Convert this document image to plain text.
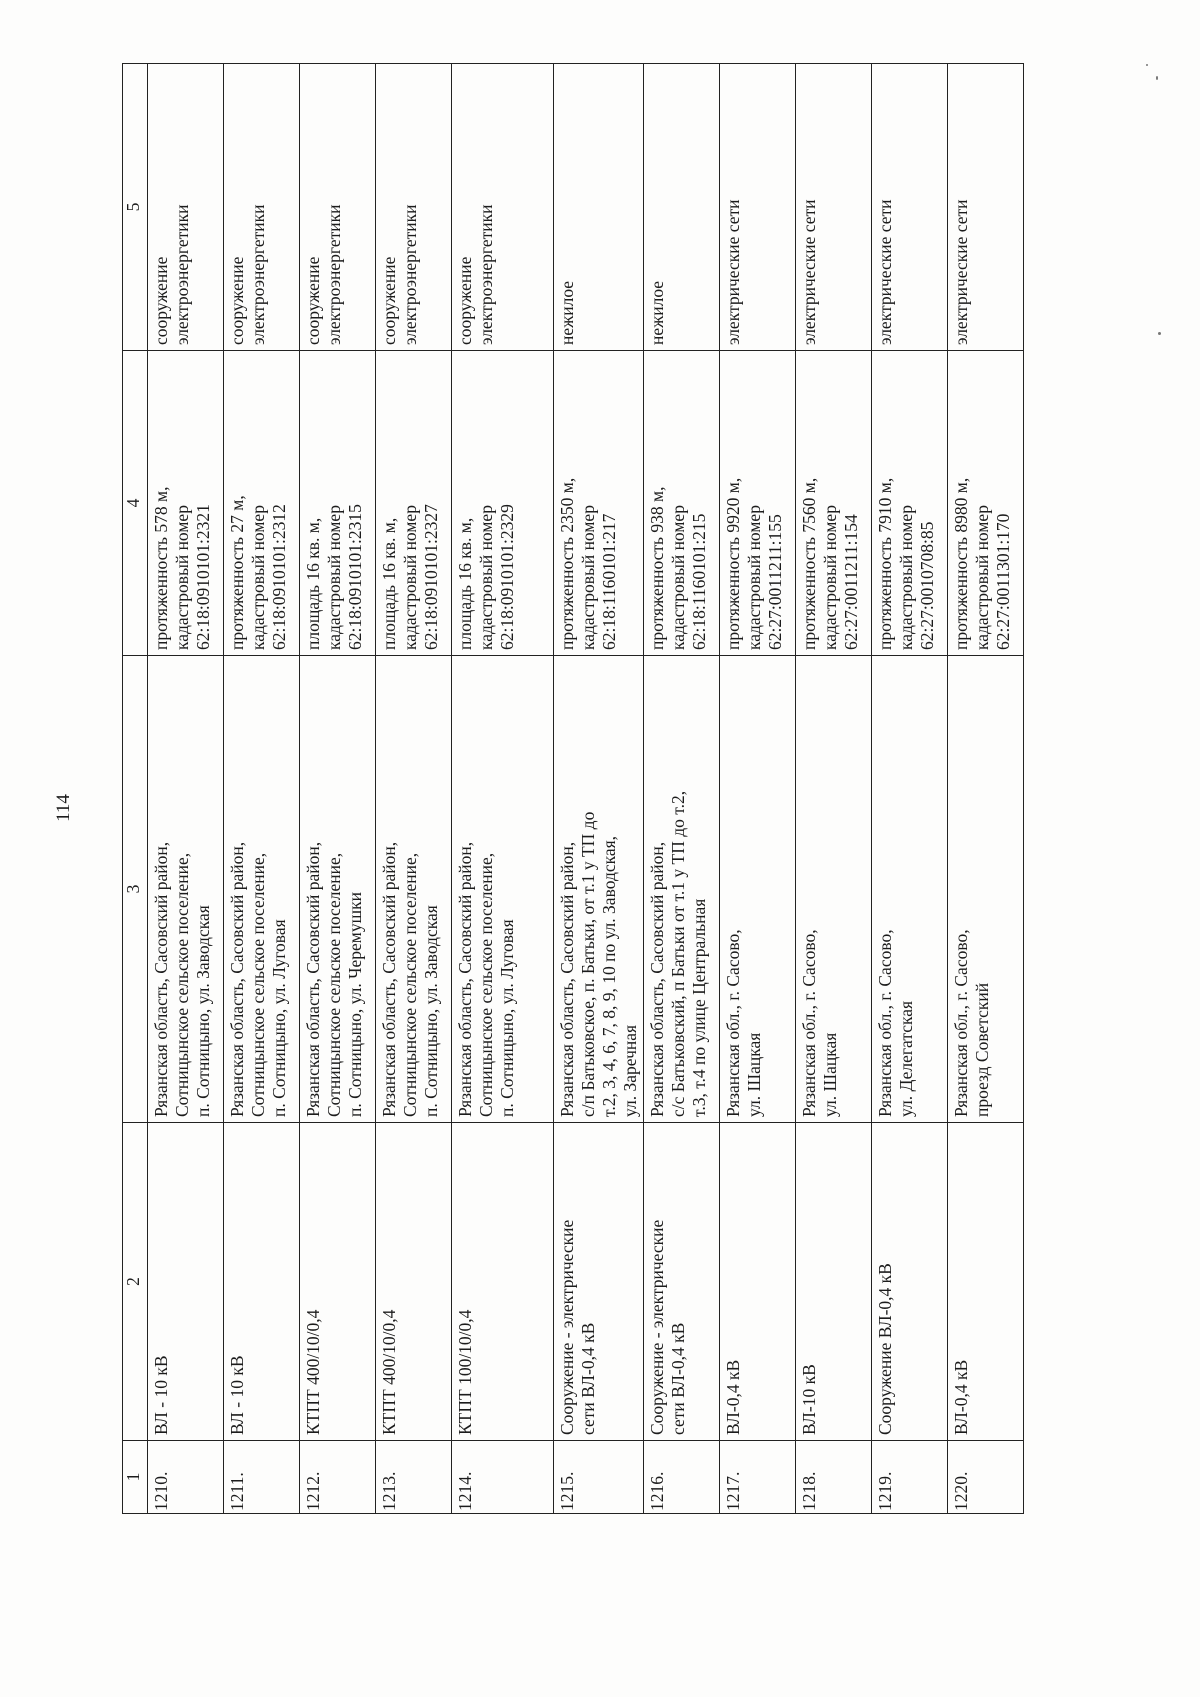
114
1	2	3	4	5
1210.	ВЛ - 10 кВ	Рязанская область, Сасовский район, Сотницынское сельское поселение, п. Сотницыно, ул. Заводская	протяженность 578 м, кадастровый номер 62:18:0910101:2321	сооружение электроэнергетики

1211.	ВЛ - 10 кВ	Рязанская область, Сасовский район, Сотницынское сельское поселение, п. Сотницыно, ул. Луговая	протяженность 27 м, кадастровый номер 62:18:0910101:2312	сооружение электроэнергетики

1212.	КТПТ 400/10/0,4	Рязанская область, Сасовский район, Сотницынское сельское поселение, п. Сотницыно, ул. Черемушки	площадь 16 кв. м, кадастровый номер 62:18:0910101:2315	сооружение электроэнергетики

1213.	КТПТ 400/10/0,4	Рязанская область, Сасовский район, Сотницынское сельское поселение, п. Сотницыно, ул. Заводская	площадь 16 кв. м, кадастровый номер 62:18:0910101:2327	сооружение электроэнергетики

1214.	КТПТ 100/10/0,4	Рязанская область, Сасовский район, Сотницынское сельское поселение, п. Сотницыно, ул. Луговая	площадь 16 кв. м, кадастровый номер 62:18:0910101:2329	сооружение электроэнергетики

1215.	Сооружение - электрические сети ВЛ-0,4 кВ	Рязанская область, Сасовский район, с/п Батьковское, п. Батьки, от т.1 у ТП до т.2, 3, 4, 6, 7, 8, 9, 10 по ул. Заводская, ул. Заречная	протяженность 2350 м, кадастровый номер 62:18:1160101:217	нежилое

1216.	Сооружение - электрические сети ВЛ-0,4 кВ	Рязанская область, Сасовский район, с/с Батьковский, п Батьки от т.1 у ТП до т.2, т.3, т.4 по улице Центральная	протяженность 938 м, кадастровый номер 62:18:1160101:215	нежилое

1217.	ВЛ-0,4 кВ	Рязанская обл., г. Сасово, ул. Шацкая	протяженность 9920 м, кадастровый номер 62:27:0011211:155	электрические сети

1218.	ВЛ-10 кВ	Рязанская обл., г. Сасово, ул. Шацкая	протяженность 7560 м, кадастровый номер 62:27:0011211:154	электрические сети

1219.	Сооружение ВЛ-0,4 кВ	Рязанская обл., г. Сасово, ул. Делегатская	протяженность 7910 м, кадастровый номер 62:27:0010708:85	электрические сети

1220.	ВЛ-0,4 кВ	Рязанская обл., г. Сасово, проезд Советский	протяженность 8980 м, кадастровый номер 62:27:0011301:170	электрические сети
